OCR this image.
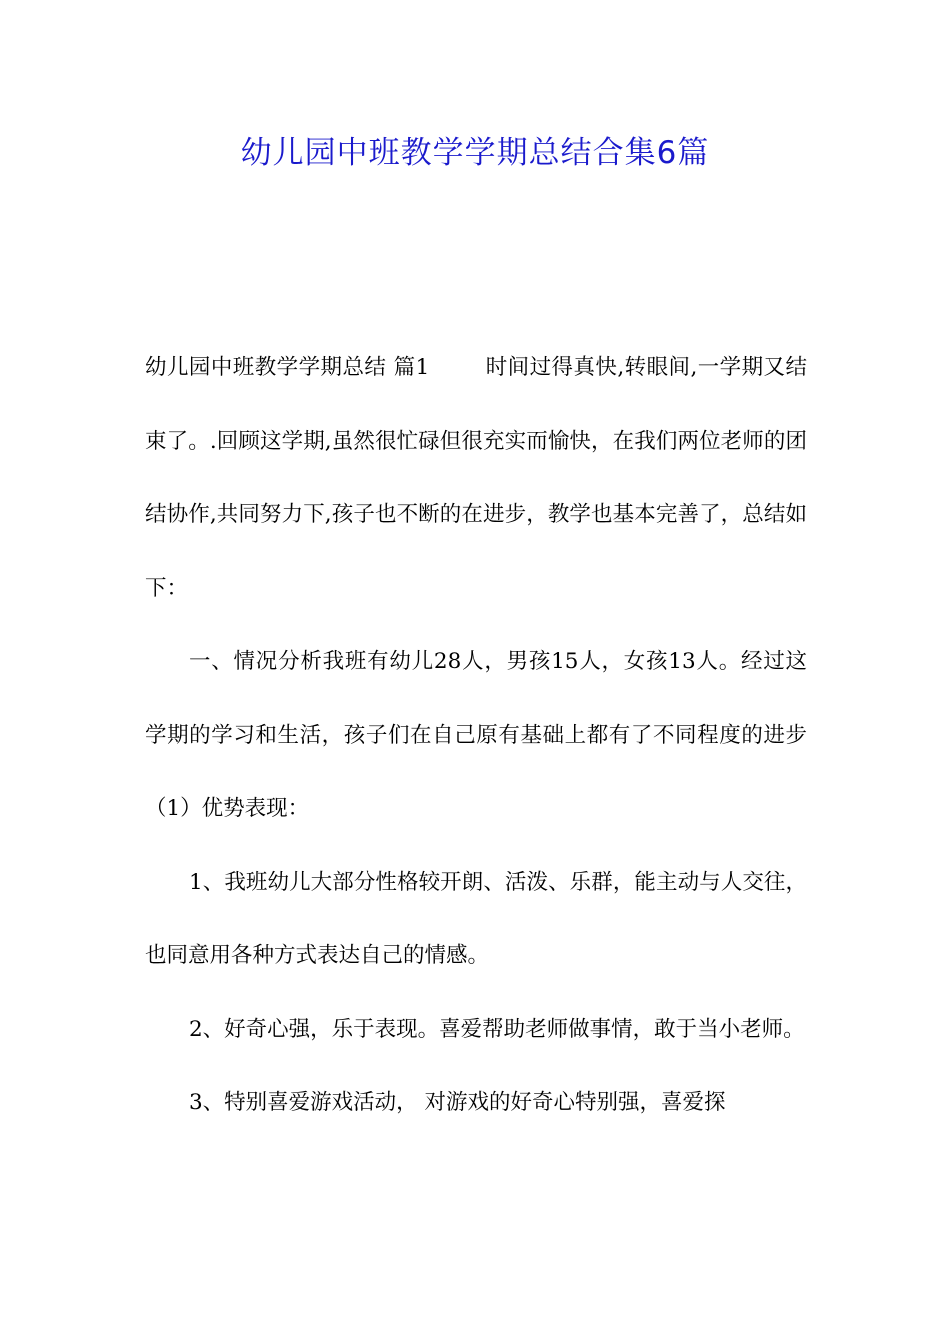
幼儿园中班教学学期总结合集6篇

幼儿园中班教学学期总结 篇1	时间过得真快,转眼间,一学期又结束了。.回顾这学期,虽然很忙碌但很充实而愉快，在我们两位老师的团结协作,共同努力下,孩子也不断的在进步，教学也基本完善了，总结如下：

一、情况分析我班有幼儿28人，男孩15人，女孩13人。经过这学期的学习和生活，孩子们在自己原有基础上都有了不同程度的进步（1）优势表现：

1、我班幼儿大部分性格较开朗、活泼、乐群，能主动与人交往，也同意用各种方式表达自己的情感。

2、好奇心强，乐于表现。喜爱帮助老师做事情，敢于当小老师。

3、特别喜爱游戏活动， 对游戏的好奇心特别强，喜爱探
